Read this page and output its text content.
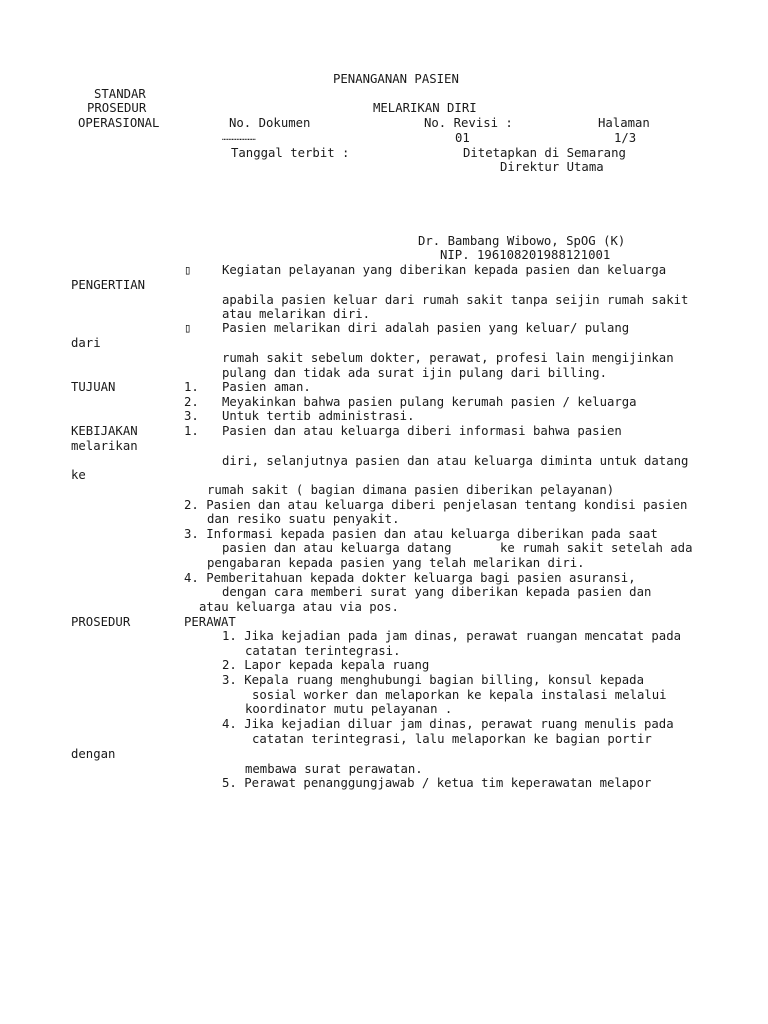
PENANGANAN PASIEN
STANDAR
PROSEDUR	MELARIKAN DIRI
OPERASIONAL	No. Dokumen	No. Revisi :	Halaman
…………………	01	1/3
Tanggal terbit :	Ditetapkan di Semarang
Direktur Utama
Dr. Bambang Wibowo, SpOG (K)
NIP. 196108201988121001
▯ Kegiatan pelayanan yang diberikan kepada pasien dan keluarga
PENGERTIAN
apabila pasien keluar dari rumah sakit tanpa seijin rumah sakit
atau melarikan diri.
▯ Pasien melarikan diri adalah pasien yang keluar/ pulang
dari
rumah sakit sebelum dokter, perawat, profesi lain mengijinkan
pulang dan tidak ada surat ijin pulang dari billing.
TUJUAN	1. Pasien aman.
2. Meyakinkan bahwa pasien pulang kerumah pasien / keluarga
3. Untuk tertib administrasi.
KEBIJAKAN	1. Pasien dan atau keluarga diberi informasi bahwa pasien
melarikan
diri, selanjutnya pasien dan atau keluarga diminta untuk datang
ke
rumah sakit ( bagian dimana pasien diberikan pelayanan)
2. Pasien dan atau keluarga diberi penjelasan tentang kondisi pasien
dan resiko suatu penyakit.
3. Informasi kepada pasien dan atau keluarga diberikan pada saat
pasien dan atau keluarga datang	ke rumah sakit setelah ada
pengabaran kepada pasien yang telah melarikan diri.
4. Pemberitahuan kepada dokter keluarga bagi pasien asuransi,
dengan cara memberi surat yang diberikan kepada pasien dan
atau keluarga atau via pos.
PROSEDUR	PERAWAT
1. Jika kejadian pada jam dinas, perawat ruangan mencatat pada
catatan terintegrasi.
2. Lapor kepada kepala ruang
3. Kepala ruang menghubungi bagian billing, konsul kepada
sosial worker dan melaporkan ke kepala instalasi melalui
koordinator mutu pelayanan .
4. Jika kejadian diluar jam dinas, perawat ruang menulis pada
catatan terintegrasi, lalu melaporkan ke bagian portir
dengan
membawa surat perawatan.
5. Perawat penanggungjawab / ketua tim keperawatan melapor
